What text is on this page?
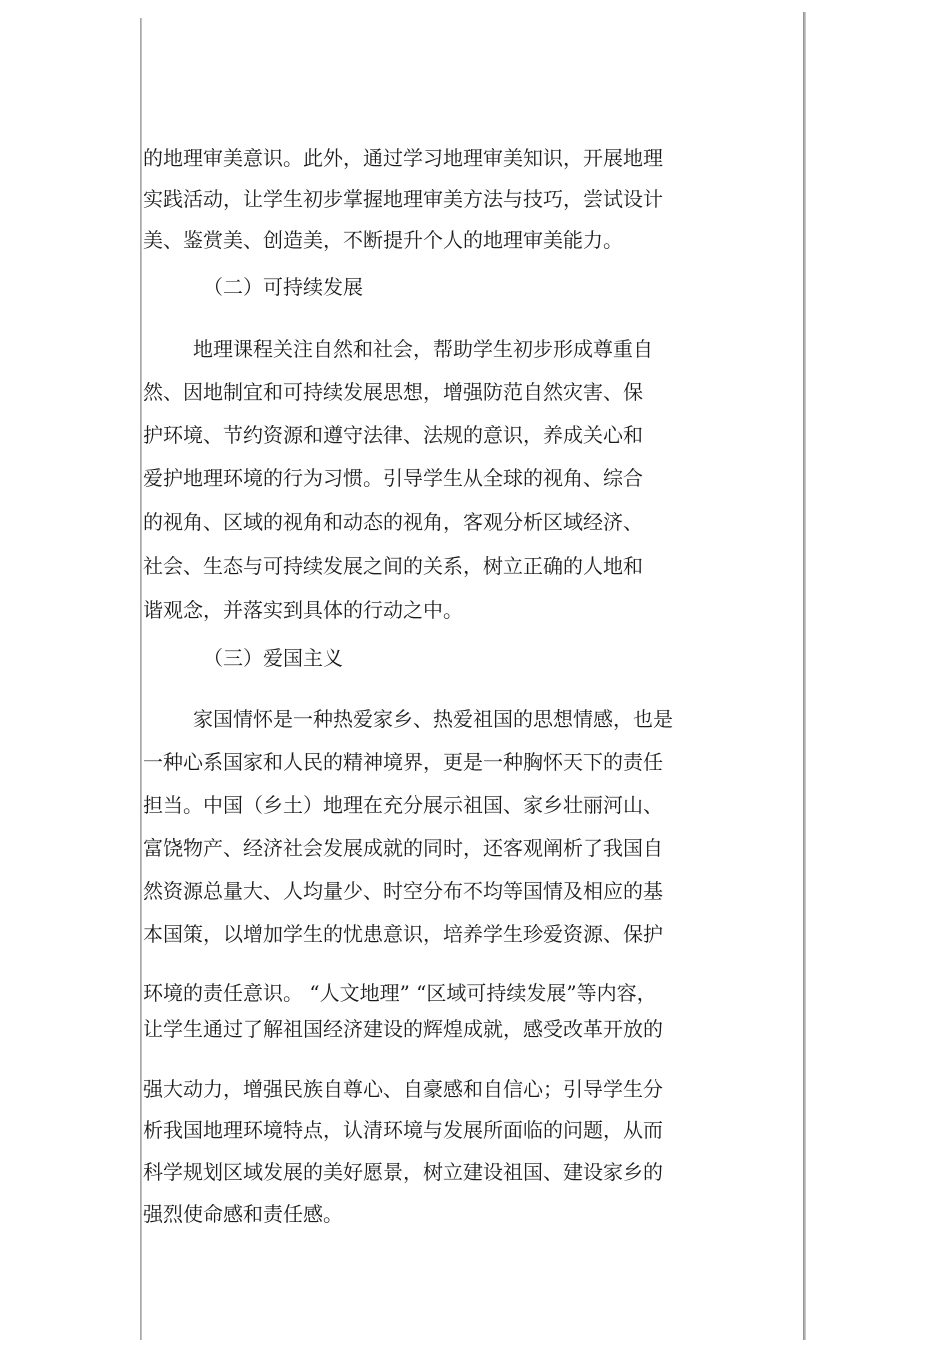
的地理审美意识。此外，通过学习地理审美知识，开展地理
实践活动，让学生初步掌握地理审美方法与技巧，尝试设计
美、鉴赏美、创造美，不断提升个人的地理审美能力。
（二）可持续发展
地理课程关注自然和社会，帮助学生初步形成尊重自
然、因地制宜和可持续发展思想，增强防范自然灾害、保
护环境、节约资源和遵守法律、法规的意识，养成关心和
爱护地理环境的行为习惯。引导学生从全球的视角、综合
的视角、区域的视角和动态的视角，客观分析区域经济、
社会、生态与可持续发展之间的关系，树立正确的人地和
谐观念，并落实到具体的行动之中。
（三）爱国主义
家国情怀是一种热爱家乡、热爱祖国的思想情感，也是
一种心系国家和人民的精神境界，更是一种胸怀天下的责任
担当。中国（乡土）地理在充分展示祖国、家乡壮丽河山、
富饶物产、经济社会发展成就的同时，还客观阐析了我国自
然资源总量大、人均量少、时空分布不均等国情及相应的基
本国策，以增加学生的忧患意识，培养学生珍爱资源、保护
环境的责任意识。 “人文地理” “区域可持续发展”等内容，
让学生通过了解祖国经济建设的辉煌成就，感受改革开放的
强大动力，增强民族自尊心、自豪感和自信心；引导学生分
析我国地理环境特点，认清环境与发展所面临的问题，从而
科学规划区域发展的美好愿景，树立建设祖国、建设家乡的
强烈使命感和责任感。
